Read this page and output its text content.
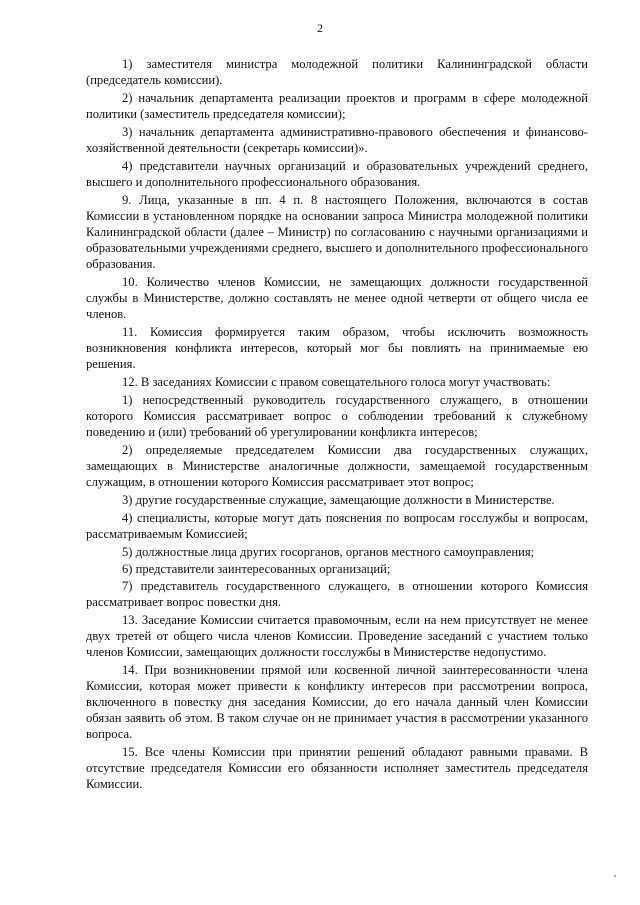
2

1) заместителя министра молодежной политики Калининградской области (председатель комиссии).

2) начальник департамента реализации проектов и программ в сфере молодежной политики (заместитель председателя комиссии);

3) начальник департамента административно-правового обеспечения и финансово-хозяйственной деятельности (секретарь комиссии)».

4) представители научных организаций и образовательных учреждений среднего, высшего и дополнительного профессионального образования.

9. Лица, указанные в пп. 4 п. 8 настоящего Положения, включаются в состав Комиссии в установленном порядке на основании запроса Министра молодежной политики Калининградской области (далее – Министр) по согласованию с научными организациями и образовательными учреждениями среднего, высшего и дополнительного профессионального образования.

10. Количество членов Комиссии, не замещающих должности государственной службы в Министерстве, должно составлять не менее одной четверти от общего числа ее членов.

11. Комиссия формируется таким образом, чтобы исключить возможность возникновения конфликта интересов, который мог бы повлиять на принимаемые ею решения.

12. В заседаниях Комиссии с правом совещательного голоса могут участвовать:

1) непосредственный руководитель государственного служащего, в отношении которого Комиссия рассматривает вопрос о соблюдении требований к служебному поведению и (или) требований об урегулировании конфликта интересов;

2) определяемые председателем Комиссии два государственных служащих, замещающих в Министерстве аналогичные должности, замещаемой государственным служащим, в отношении которого Комиссия рассматривает этот вопрос;

3) другие государственные служащие, замещающие должности в Министерстве.

4) специалисты, которые могут дать пояснения по вопросам госслужбы и вопросам, рассматриваемым Комиссией;

5) должностные лица других госорганов, органов местного самоуправления;

6) представители заинтересованных организаций;

7) представитель государственного служащего, в отношении которого Комиссия рассматривает вопрос повестки дня.

13. Заседание Комиссии считается правомочным, если на нем присутствует не менее двух третей от общего числа членов Комиссии. Проведение заседаний с участием только членов Комиссии, замещающих должности госслужбы в Министерстве недопустимо.

14. При возникновении прямой или косвенной личной заинтересованности члена Комиссии, которая может привести к конфликту интересов при рассмотрении вопроса, включенного в повестку дня заседания Комиссии, до его начала данный член Комиссии обязан заявить об этом. В таком случае он не принимает участия в рассмотрении указанного вопроса.

15. Все члены Комиссии при принятии решений обладают равными правами. В отсутствие председателя Комиссии его обязанности исполняет заместитель председателя Комиссии.
